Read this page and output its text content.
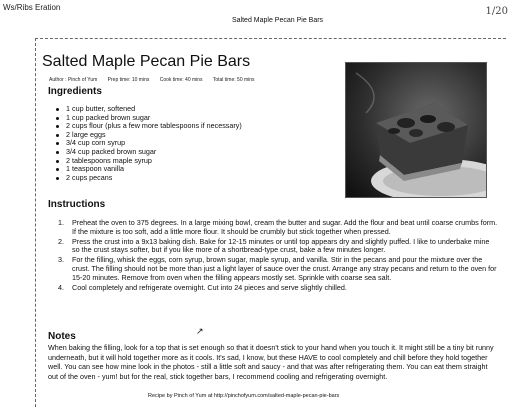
Ws/Ribs Eration
Salted Maple Pecan Pie Bars
1/20
Salted Maple Pecan Pie Bars
Author : Pinch of Yum Prep time: 10 mins Cook time: 40 mins Total time: 50 mins
Ingredients
1 cup butter, softened
1 cup packed brown sugar
2 cups flour (plus a few more tablespoons if necessary)
2 large eggs
3/4 cup corn syrup
3/4 cup packed brown sugar
2 tablespoons maple syrup
1 teaspoon vanilla
2 cups pecans
Instructions
1. Preheat the oven to 375 degrees. In a large mixing bowl, cream the butter and sugar. Add the flour and beat until coarse crumbs form. If the mixture is too soft, add a little more flour. It should be crumbly but stick together when pressed.
2. Press the crust into a 9x13 baking dish. Bake for 12-15 minutes or until top appears dry and slightly puffed. I like to underbake mine so the crust stays softer, but if you like more of a shortbread-type crust, bake a few minutes longer.
3. For the filling, whisk the eggs, corn syrup, brown sugar, maple syrup, and vanilla. Stir in the pecans and pour the mixture over the crust. The filling should not be more than just a light layer of sauce over the crust. Arrange any stray pecans and return to the oven for 15-20 minutes. Remove from oven when the filling appears mostly set. Sprinkle with coarse sea salt.
4. Cool completely and refrigerate overnight. Cut into 24 pieces and serve slightly chilled.
↗
Notes

When baking the filling, look for a top that is set enough so that it doesn't stick to your hand when you touch it. It might still be a tiny bit runny underneath, but it will hold together more as it cools. It's sad, I know, but these HAVE to cool completely and chill before they hold together well. You can see how mine look in the photos - still a little soft and saucy - and that was after refrigerating them. You can eat them straight out of the oven - yum! but for the real, stick together bars, I recommend cooling and refrigerating overnight.

Recipe by Pinch of Yum at http://pinchofyum.com/salted-maple-pecan-pie-bars
